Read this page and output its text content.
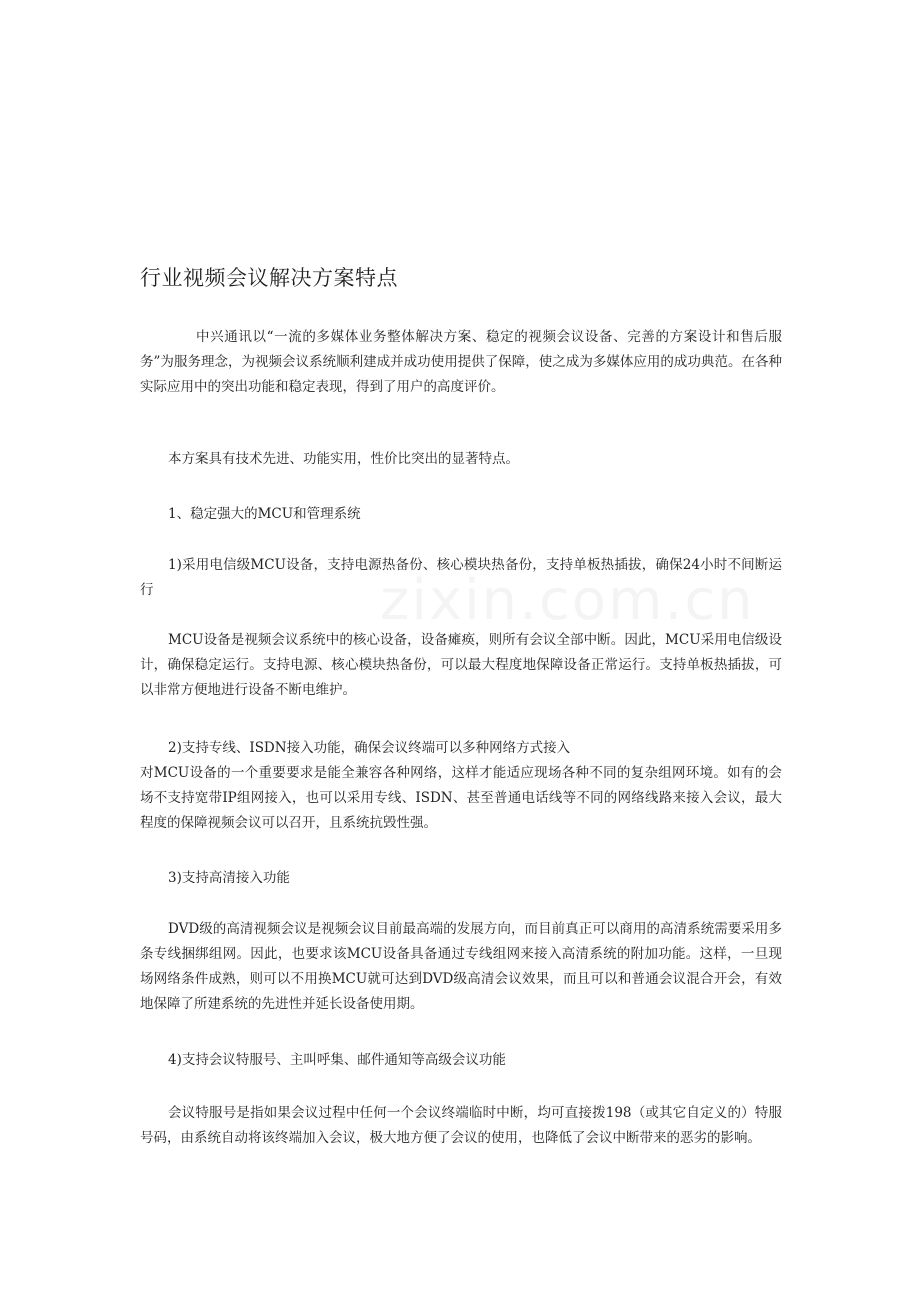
行业视频会议解决方案特点

中兴通讯以“一流的多媒体业务整体解决方案、稳定的视频会议设备、完善的方案设计和售后服务”为服务理念，为视频会议系统顺利建成并成功使用提供了保障，使之成为多媒体应用的成功典范。在各种实际应用中的突出功能和稳定表现，得到了用户的高度评价。

本方案具有技术先进、功能实用，性价比突出的显著特点。

1、稳定强大的MCU和管理系统

1)采用电信级MCU设备，支持电源热备份、核心模块热备份，支持单板热插拔，确保24小时不间断运行

MCU设备是视频会议系统中的核心设备，设备瘫痪，则所有会议全部中断。因此，MCU采用电信级设计，确保稳定运行。支持电源、核心模块热备份，可以最大程度地保障设备正常运行。支持单板热插拔，可以非常方便地进行设备不断电维护。

2)支持专线、ISDN接入功能，确保会议终端可以多种网络方式接入

对MCU设备的一个重要要求是能全兼容各种网络，这样才能适应现场各种不同的复杂组网环境。如有的会场不支持宽带IP组网接入，也可以采用专线、ISDN、甚至普通电话线等不同的网络线路来接入会议，最大程度的保障视频会议可以召开，且系统抗毁性强。

3)支持高清接入功能

DVD级的高清视频会议是视频会议目前最高端的发展方向，而目前真正可以商用的高清系统需要采用多条专线捆绑组网。因此，也要求该MCU设备具备通过专线组网来接入高清系统的附加功能。这样，一旦现场网络条件成熟，则可以不用换MCU就可达到DVD级高清会议效果，而且可以和普通会议混合开会，有效地保障了所建系统的先进性并延长设备使用期。

4)支持会议特服号、主叫呼集、邮件通知等高级会议功能

会议特服号是指如果会议过程中任何一个会议终端临时中断，均可直接拨198（或其它自定义的）特服号码，由系统自动将该终端加入会议，极大地方便了会议的使用，也降低了会议中断带来的恶劣的影响。
